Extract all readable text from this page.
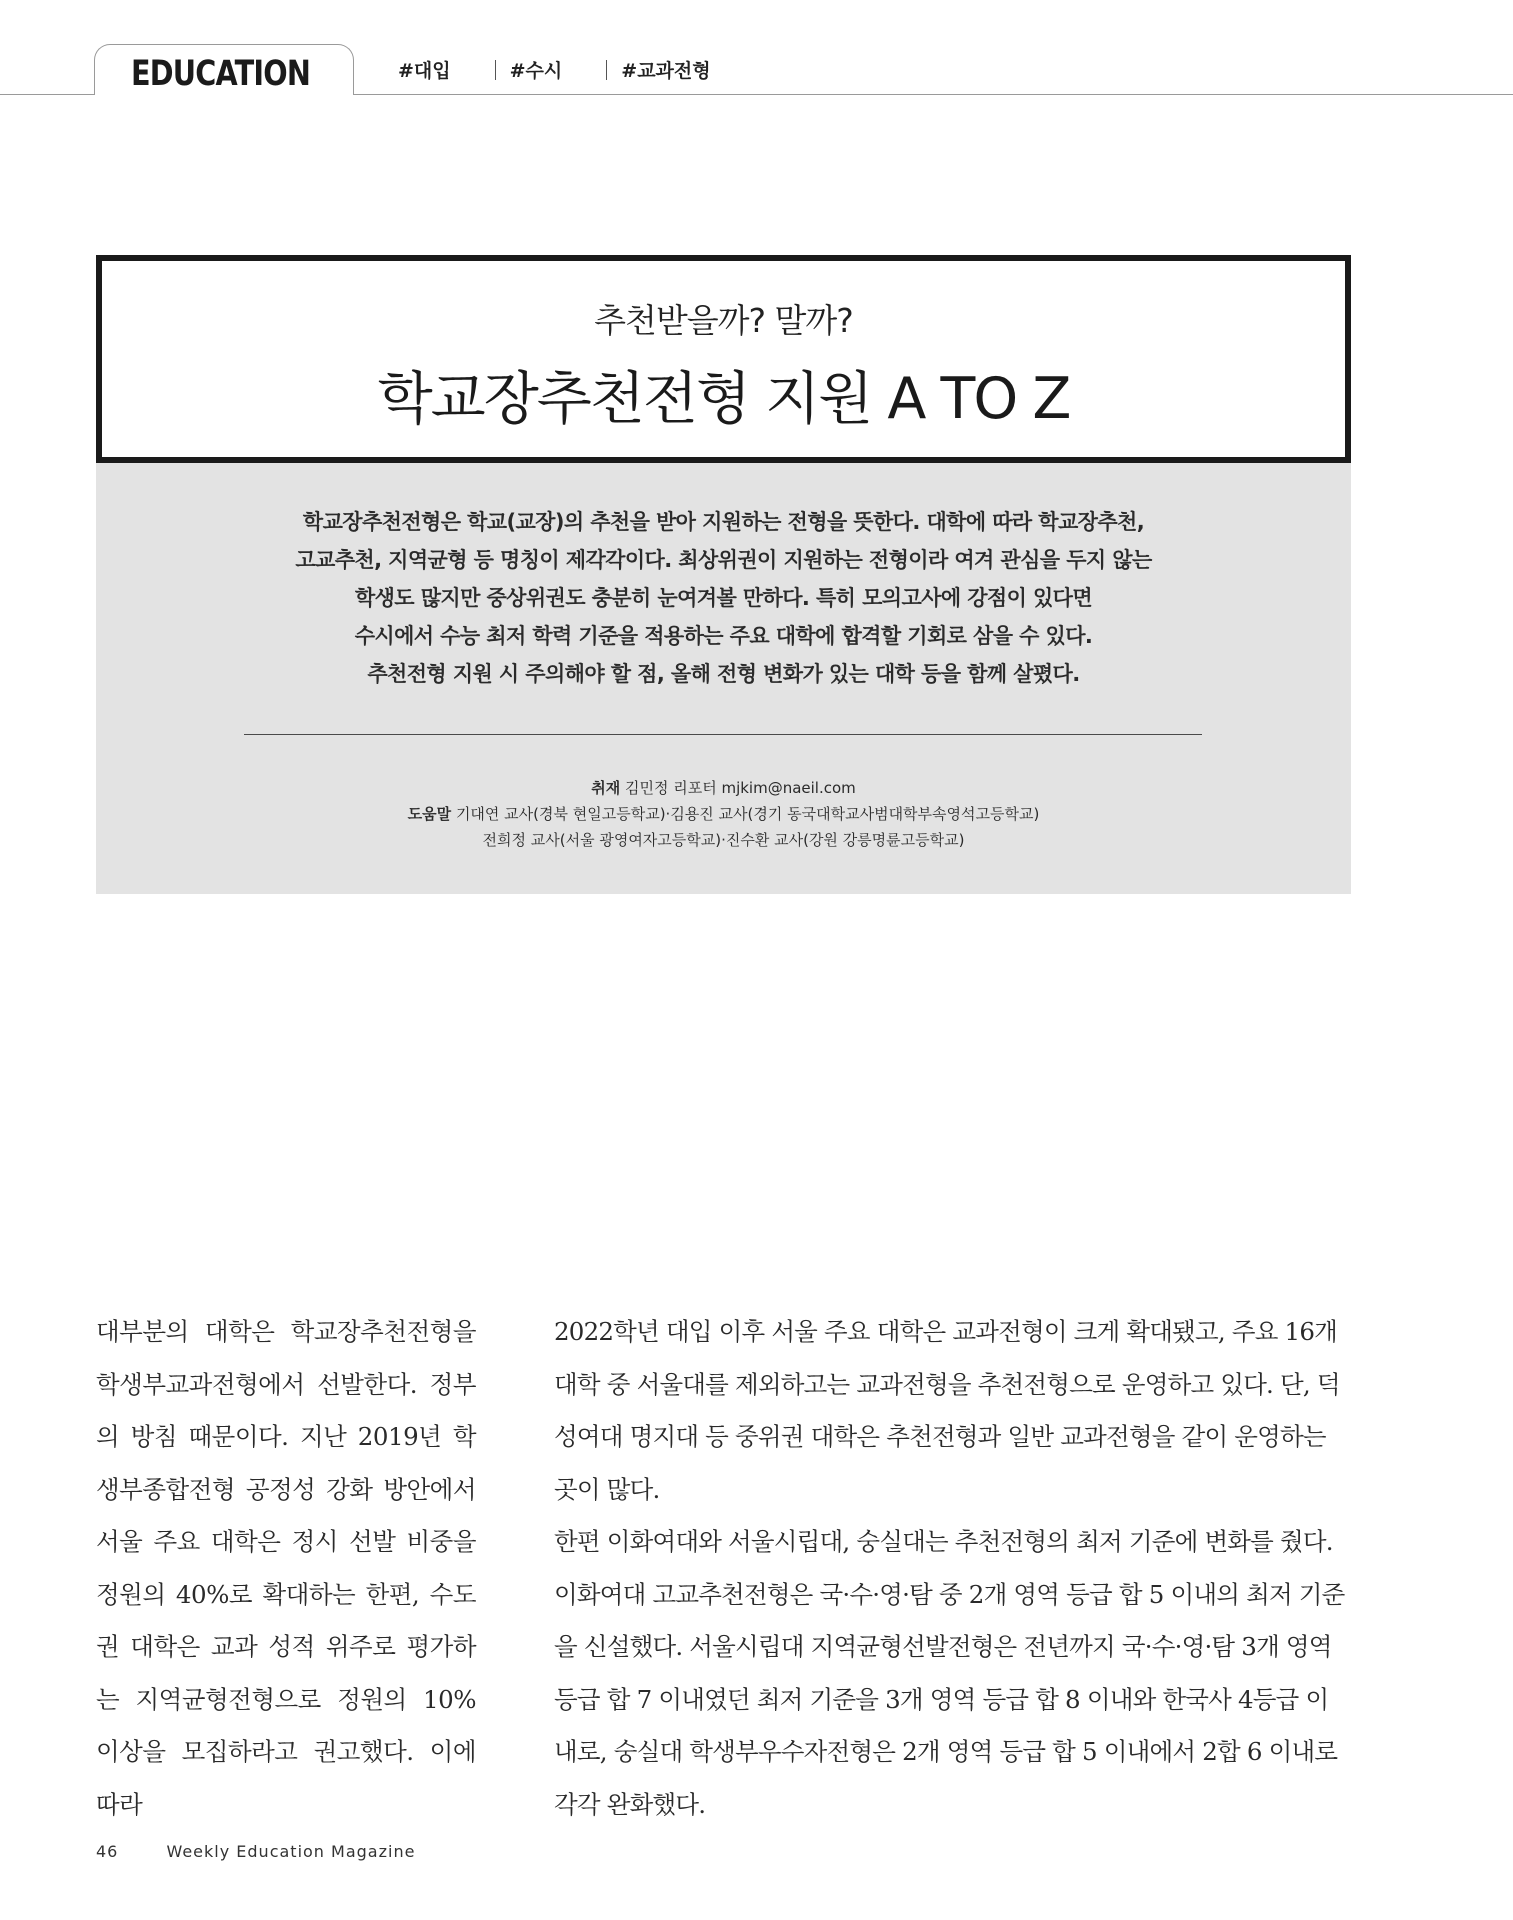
EDUCATION	#대입	#수시	#교과전형
추천받을까? 말까?
학교장추천전형 지원 A TO Z
학교장추천전형은 학교(교장)의 추천을 받아 지원하는 전형을 뜻한다. 대학에 따라 학교장추천,
고교추천, 지역균형 등 명칭이 제각각이다. 최상위권이 지원하는 전형이라 여겨 관심을 두지 않는
학생도 많지만 중상위권도 충분히 눈여겨볼 만하다. 특히 모의고사에 강점이 있다면
수시에서 수능 최저 학력 기준을 적용하는 주요 대학에 합격할 기회로 삼을 수 있다.
추천전형 지원 시 주의해야 할 점, 올해 전형 변화가 있는 대학 등을 함께 살폈다.
취재 김민정 리포터 mjkim@naeil.com
도움말 기대연 교사(경북 현일고등학교)·김용진 교사(경기 동국대학교사범대학부속영석고등학교)
전희정 교사(서울 광영여자고등학교)·진수환 교사(강원 강릉명륜고등학교)
대부분의 대학은 학교장추천전형을 학생부교과전형에서 선발한다. 정부의 방침 때문이다. 지난 2019년 학생부종합전형 공정성 강화 방안에서 서울 주요 대학은 정시 선발 비중을 정원의 40%로 확대하는 한편, 수도권 대학은 교과 성적 위주로 평가하는 지역균형전형으로 정원의 10% 이상을 모집하라고 권고했다. 이에 따라

2022학년 대입 이후 서울 주요 대학은 교과전형이 크게 확대됐고, 주요 16개 대학 중 서울대를 제외하고는 교과전형을 추천전형으로 운영하고 있다. 단, 덕성여대 명지대 등 중위권 대학은 추천전형과 일반 교과전형을 같이 운영하는 곳이 많다.

한편 이화여대와 서울시립대, 숭실대는 추천전형의 최저 기준에 변화를 줬다. 이화여대 고교추천전형은 국·수·영·탐 중 2개 영역 등급 합 5 이내의 최저 기준을 신설했다. 서울시립대 지역균형선발전형은 전년까지 국·수·영·탐 3개 영역 등급 합 7 이내였던 최저 기준을 3개 영역 등급 합 8 이내와 한국사 4등급 이내로, 숭실대 학생부우수자전형은 2개 영역 등급 합 5 이내에서 2합 6 이내로 각각 완화했다.

46	Weekly Education Magazine
